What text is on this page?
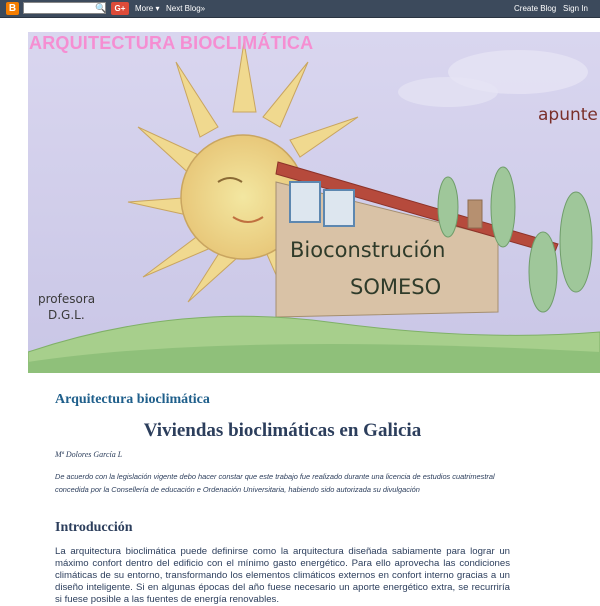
B	🔍	G+	More ▾ Next Blog»	Create Blog Sign In
Bioconstrución
SOMESO
apunte
profesora
D.G.L.
ARQUITECTURA BIOCLIMÁTICA
Arquitectura bioclimática
Viviendas bioclimáticas en Galicia
Mª Dolores García L
De acuerdo con la legislación vigente debo hacer constar que este trabajo fue realizado durante una licencia de estudios cuatrimestral concedida por la Consellería de educación e Ordenación Universitaria, habiendo sido autorizada su divulgación
Introducción
La arquitectura bioclimática puede definirse como la arquitectura diseñada sabiamente para lograr un máximo confort dentro del edificio con el mínimo gasto energético. Para ello aprovecha las condiciones climáticas de su entorno, transformando los elementos climáticos externos en confort interno gracias a un diseño inteligente. Si en algunas épocas del año fuese necesario un aporte energético extra, se recurriría si fuese posible a las fuentes de energía renovables.
